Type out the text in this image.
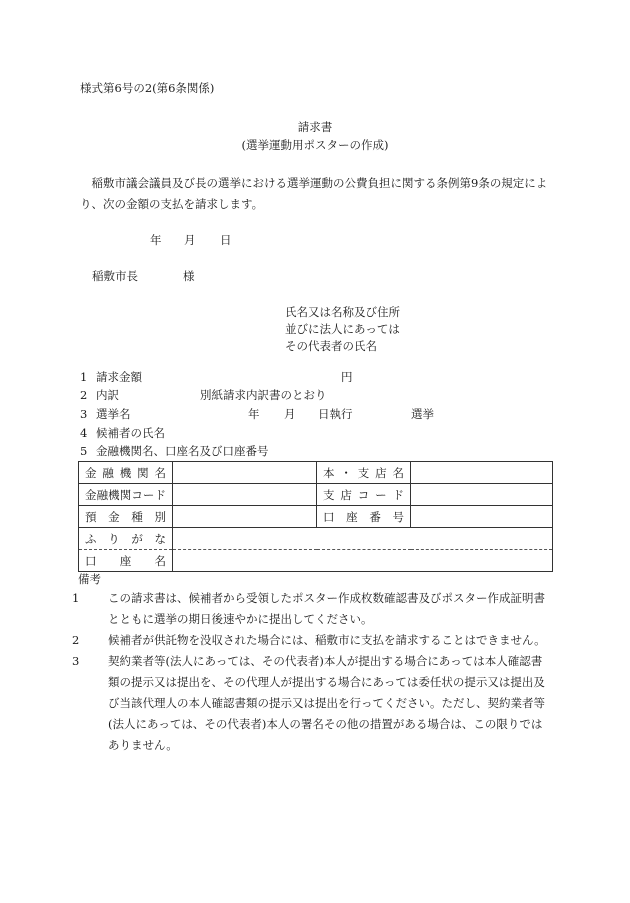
様式第6号の2(第6条関係)
請求書
(選挙運動用ポスターの作成)
稲敷市議会議員及び長の選挙における選挙運動の公費負担に関する条例第9条の規定により、次の金額の支払を請求します。
年 月 日
稲敷市長	様
氏名又は名称及び住所
並びに法人にあっては
その代表者の氏名
1 請求金額	円
2 内訳	別紙請求内訳書のとおり
3 選挙名	年 月 日執行	選挙
4 候補者の氏名
5 金融機関名、口座名及び口座番号
金融機関名		本・支店名	
金融機関コード		支店コード	
預金種別		口座番号	
ふりがな			
口座名			
備考
1 この請求書は、候補者から受領したポスター作成枚数確認書及びポスター作成証明書とともに選挙の期日後速やかに提出してください。
2 候補者が供託物を没収された場合には、稲敷市に支払を請求することはできません。
3 契約業者等(法人にあっては、その代表者)本人が提出する場合にあっては本人確認書類の提示又は提出を、その代理人が提出する場合にあっては委任状の提示又は提出及び当該代理人の本人確認書類の提示又は提出を行ってください。ただし、契約業者等(法人にあっては、その代表者)本人の署名その他の措置がある場合は、この限りではありません。
